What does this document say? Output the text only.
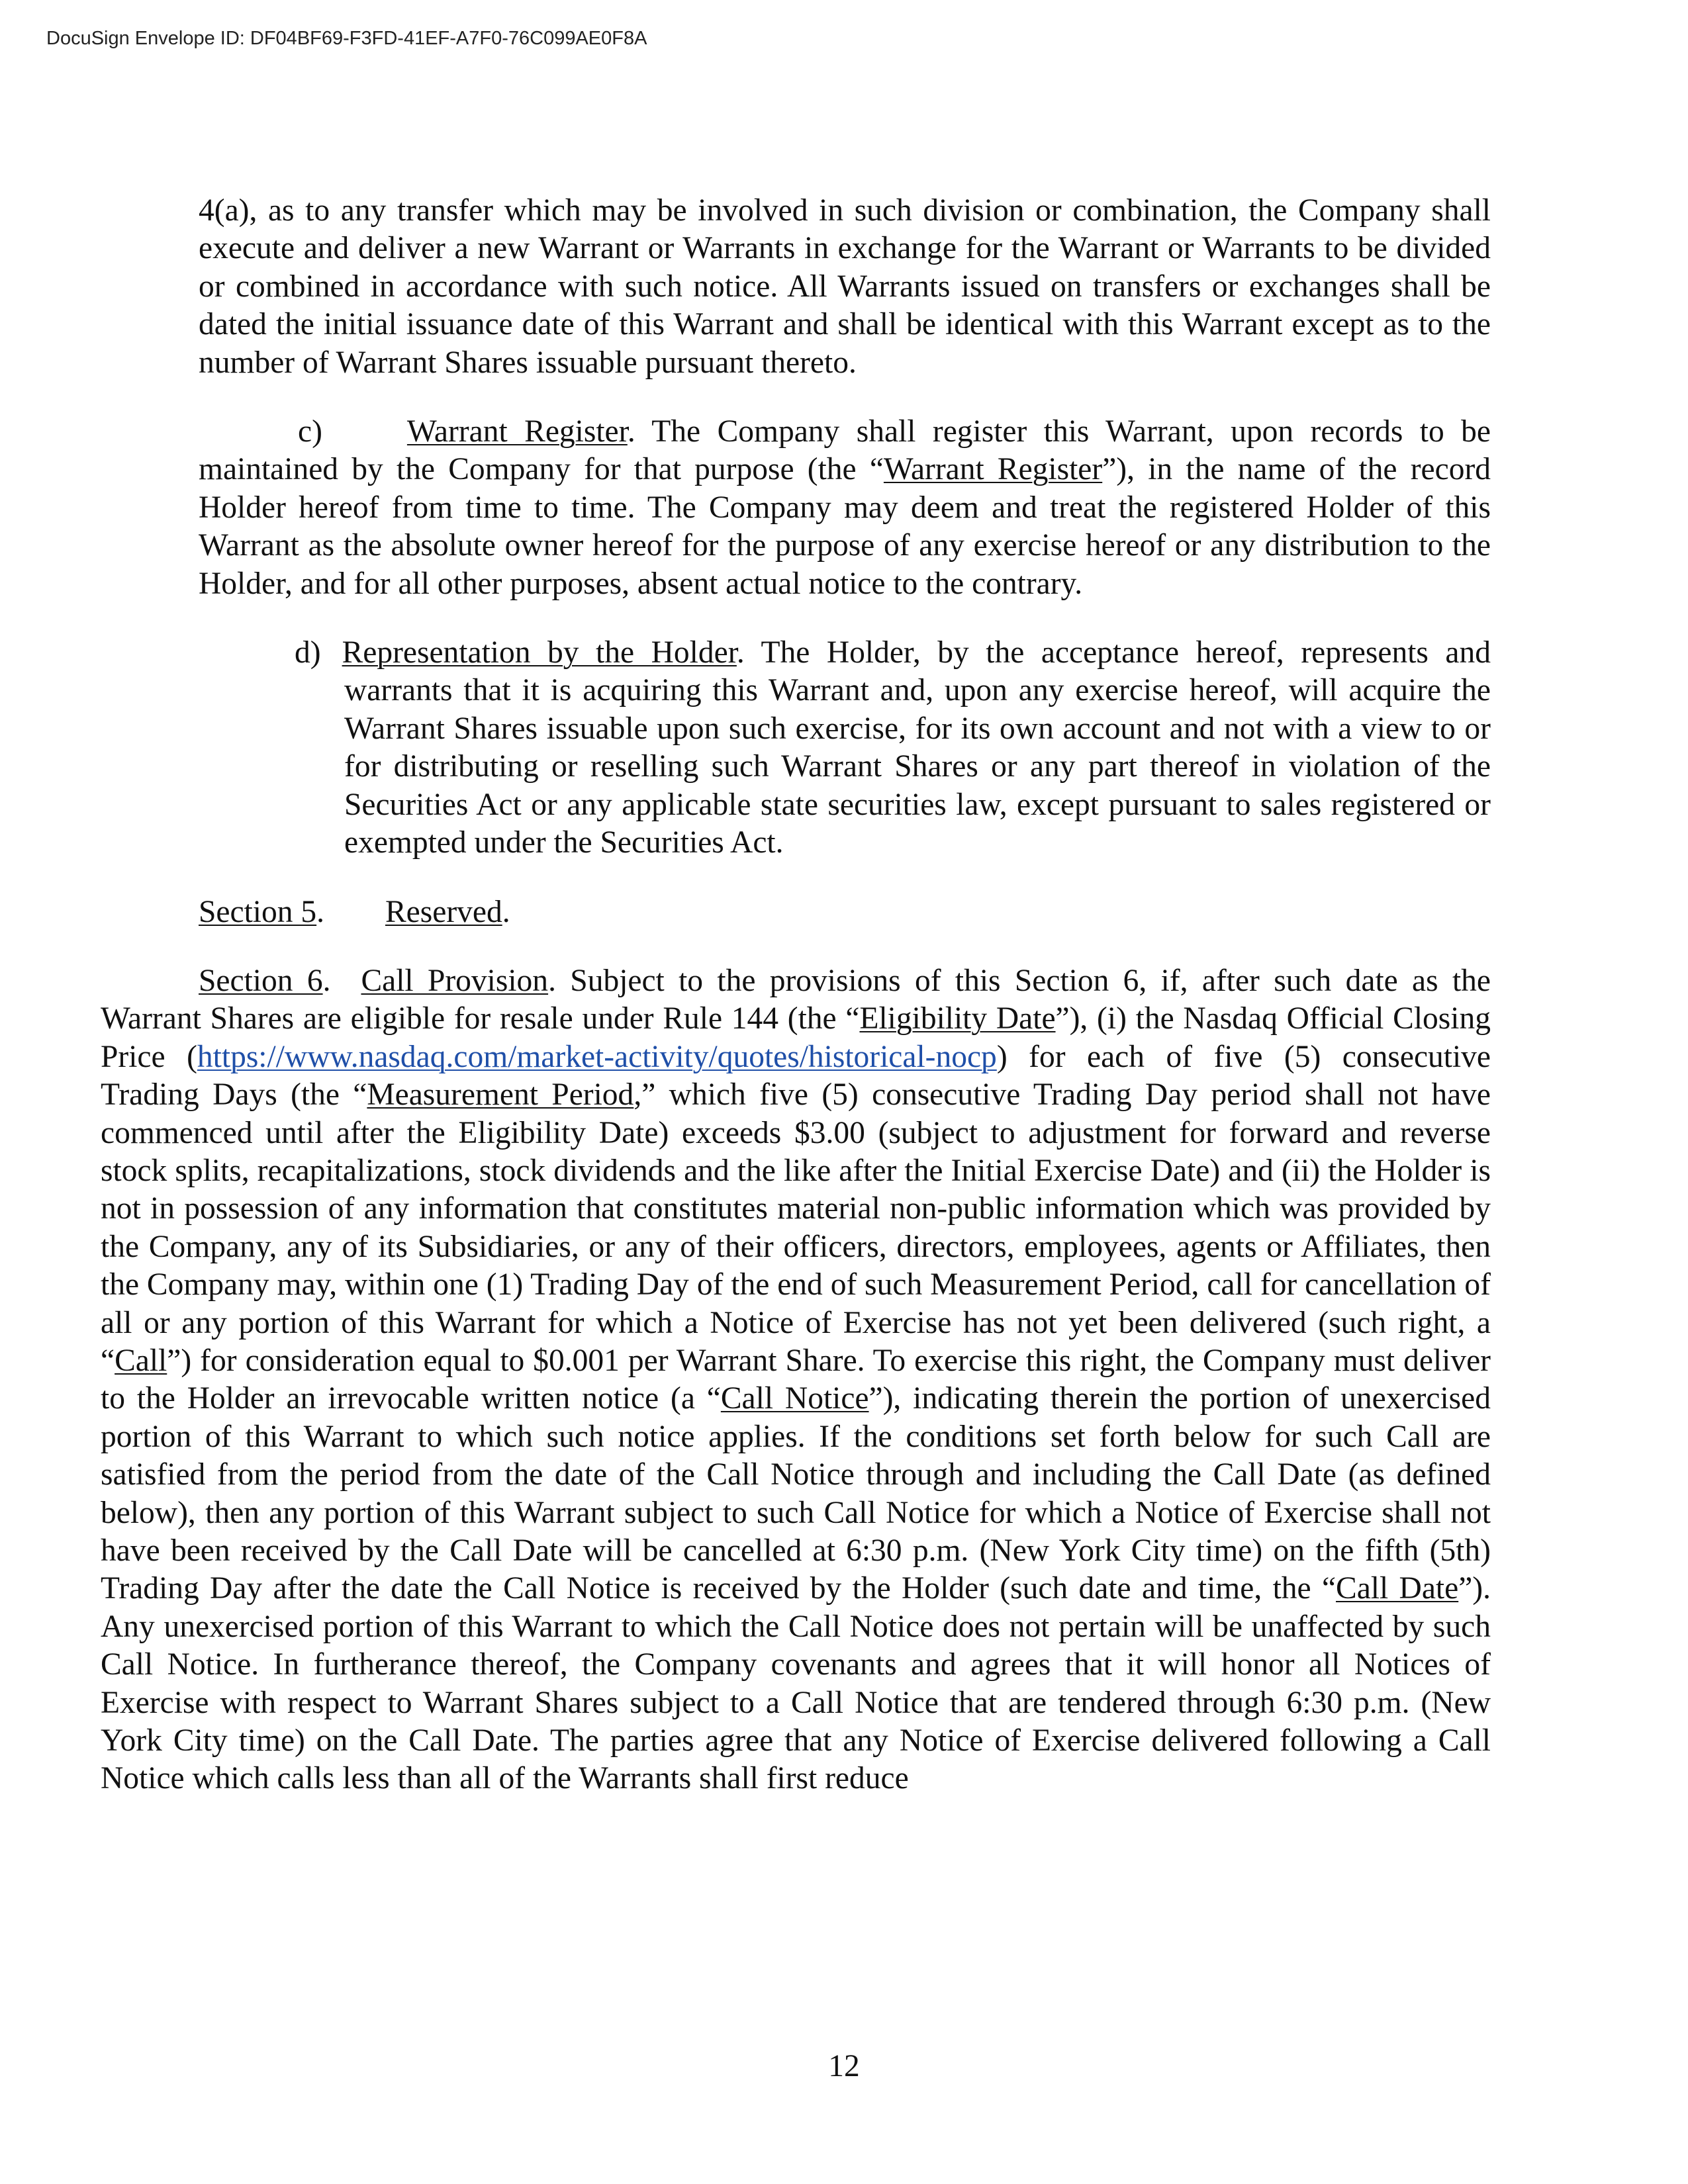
DocuSign Envelope ID: DF04BF69-F3FD-41EF-A7F0-76C099AE0F8A

4(a), as to any transfer which may be involved in such division or combination, the Company shall execute and deliver a new Warrant or Warrants in exchange for the Warrant or Warrants to be divided or combined in accordance with such notice. All Warrants issued on transfers or exchanges shall be dated the initial issuance date of this Warrant and shall be identical with this Warrant except as to the number of Warrant Shares issuable pursuant thereto.

c)	Warrant Register. The Company shall register this Warrant, upon records to be maintained by the Company for that purpose (the “Warrant Register”), in the name of the record Holder hereof from time to time. The Company may deem and treat the registered Holder of this Warrant as the absolute owner hereof for the purpose of any exercise hereof or any distribution to the Holder, and for all other purposes, absent actual notice to the contrary.

d) Representation by the Holder. The Holder, by the acceptance hereof, represents and warrants that it is acquiring this Warrant and, upon any exercise hereof, will acquire the Warrant Shares issuable upon such exercise, for its own account and not with a view to or for distributing or reselling such Warrant Shares or any part thereof in violation of the Securities Act or any applicable state securities law, except pursuant to sales registered or exempted under the Securities Act.

Section 5. Reserved.

Section 6. Call Provision. Subject to the provisions of this Section 6, if, after such date as the Warrant Shares are eligible for resale under Rule 144 (the “Eligibility Date”), (i) the Nasdaq Official Closing Price (https://www.nasdaq.com/market-activity/quotes/historical-nocp) for each of five (5) consecutive Trading Days (the “Measurement Period,” which five (5) consecutive Trading Day period shall not have commenced until after the Eligibility Date) exceeds $3.00 (subject to adjustment for forward and reverse stock splits, recapitalizations, stock dividends and the like after the Initial Exercise Date) and (ii) the Holder is not in possession of any information that constitutes material non-public information which was provided by the Company, any of its Subsidiaries, or any of their officers, directors, employees, agents or Affiliates, then the Company may, within one (1) Trading Day of the end of such Measurement Period, call for cancellation of all or any portion of this Warrant for which a Notice of Exercise has not yet been delivered (such right, a “Call”) for consideration equal to $0.001 per Warrant Share. To exercise this right, the Company must deliver to the Holder an irrevocable written notice (a “Call Notice”), indicating therein the portion of unexercised portion of this Warrant to which such notice applies. If the conditions set forth below for such Call are satisfied from the period from the date of the Call Notice through and including the Call Date (as defined below), then any portion of this Warrant subject to such Call Notice for which a Notice of Exercise shall not have been received by the Call Date will be cancelled at 6:30 p.m. (New York City time) on the fifth (5th) Trading Day after the date the Call Notice is received by the Holder (such date and time, the “Call Date”). Any unexercised portion of this Warrant to which the Call Notice does not pertain will be unaffected by such Call Notice. In furtherance thereof, the Company covenants and agrees that it will honor all Notices of Exercise with respect to Warrant Shares subject to a Call Notice that are tendered through 6:30 p.m. (New York City time) on the Call Date. The parties agree that any Notice of Exercise delivered following a Call Notice which calls less than all of the Warrants shall first reduce

12
